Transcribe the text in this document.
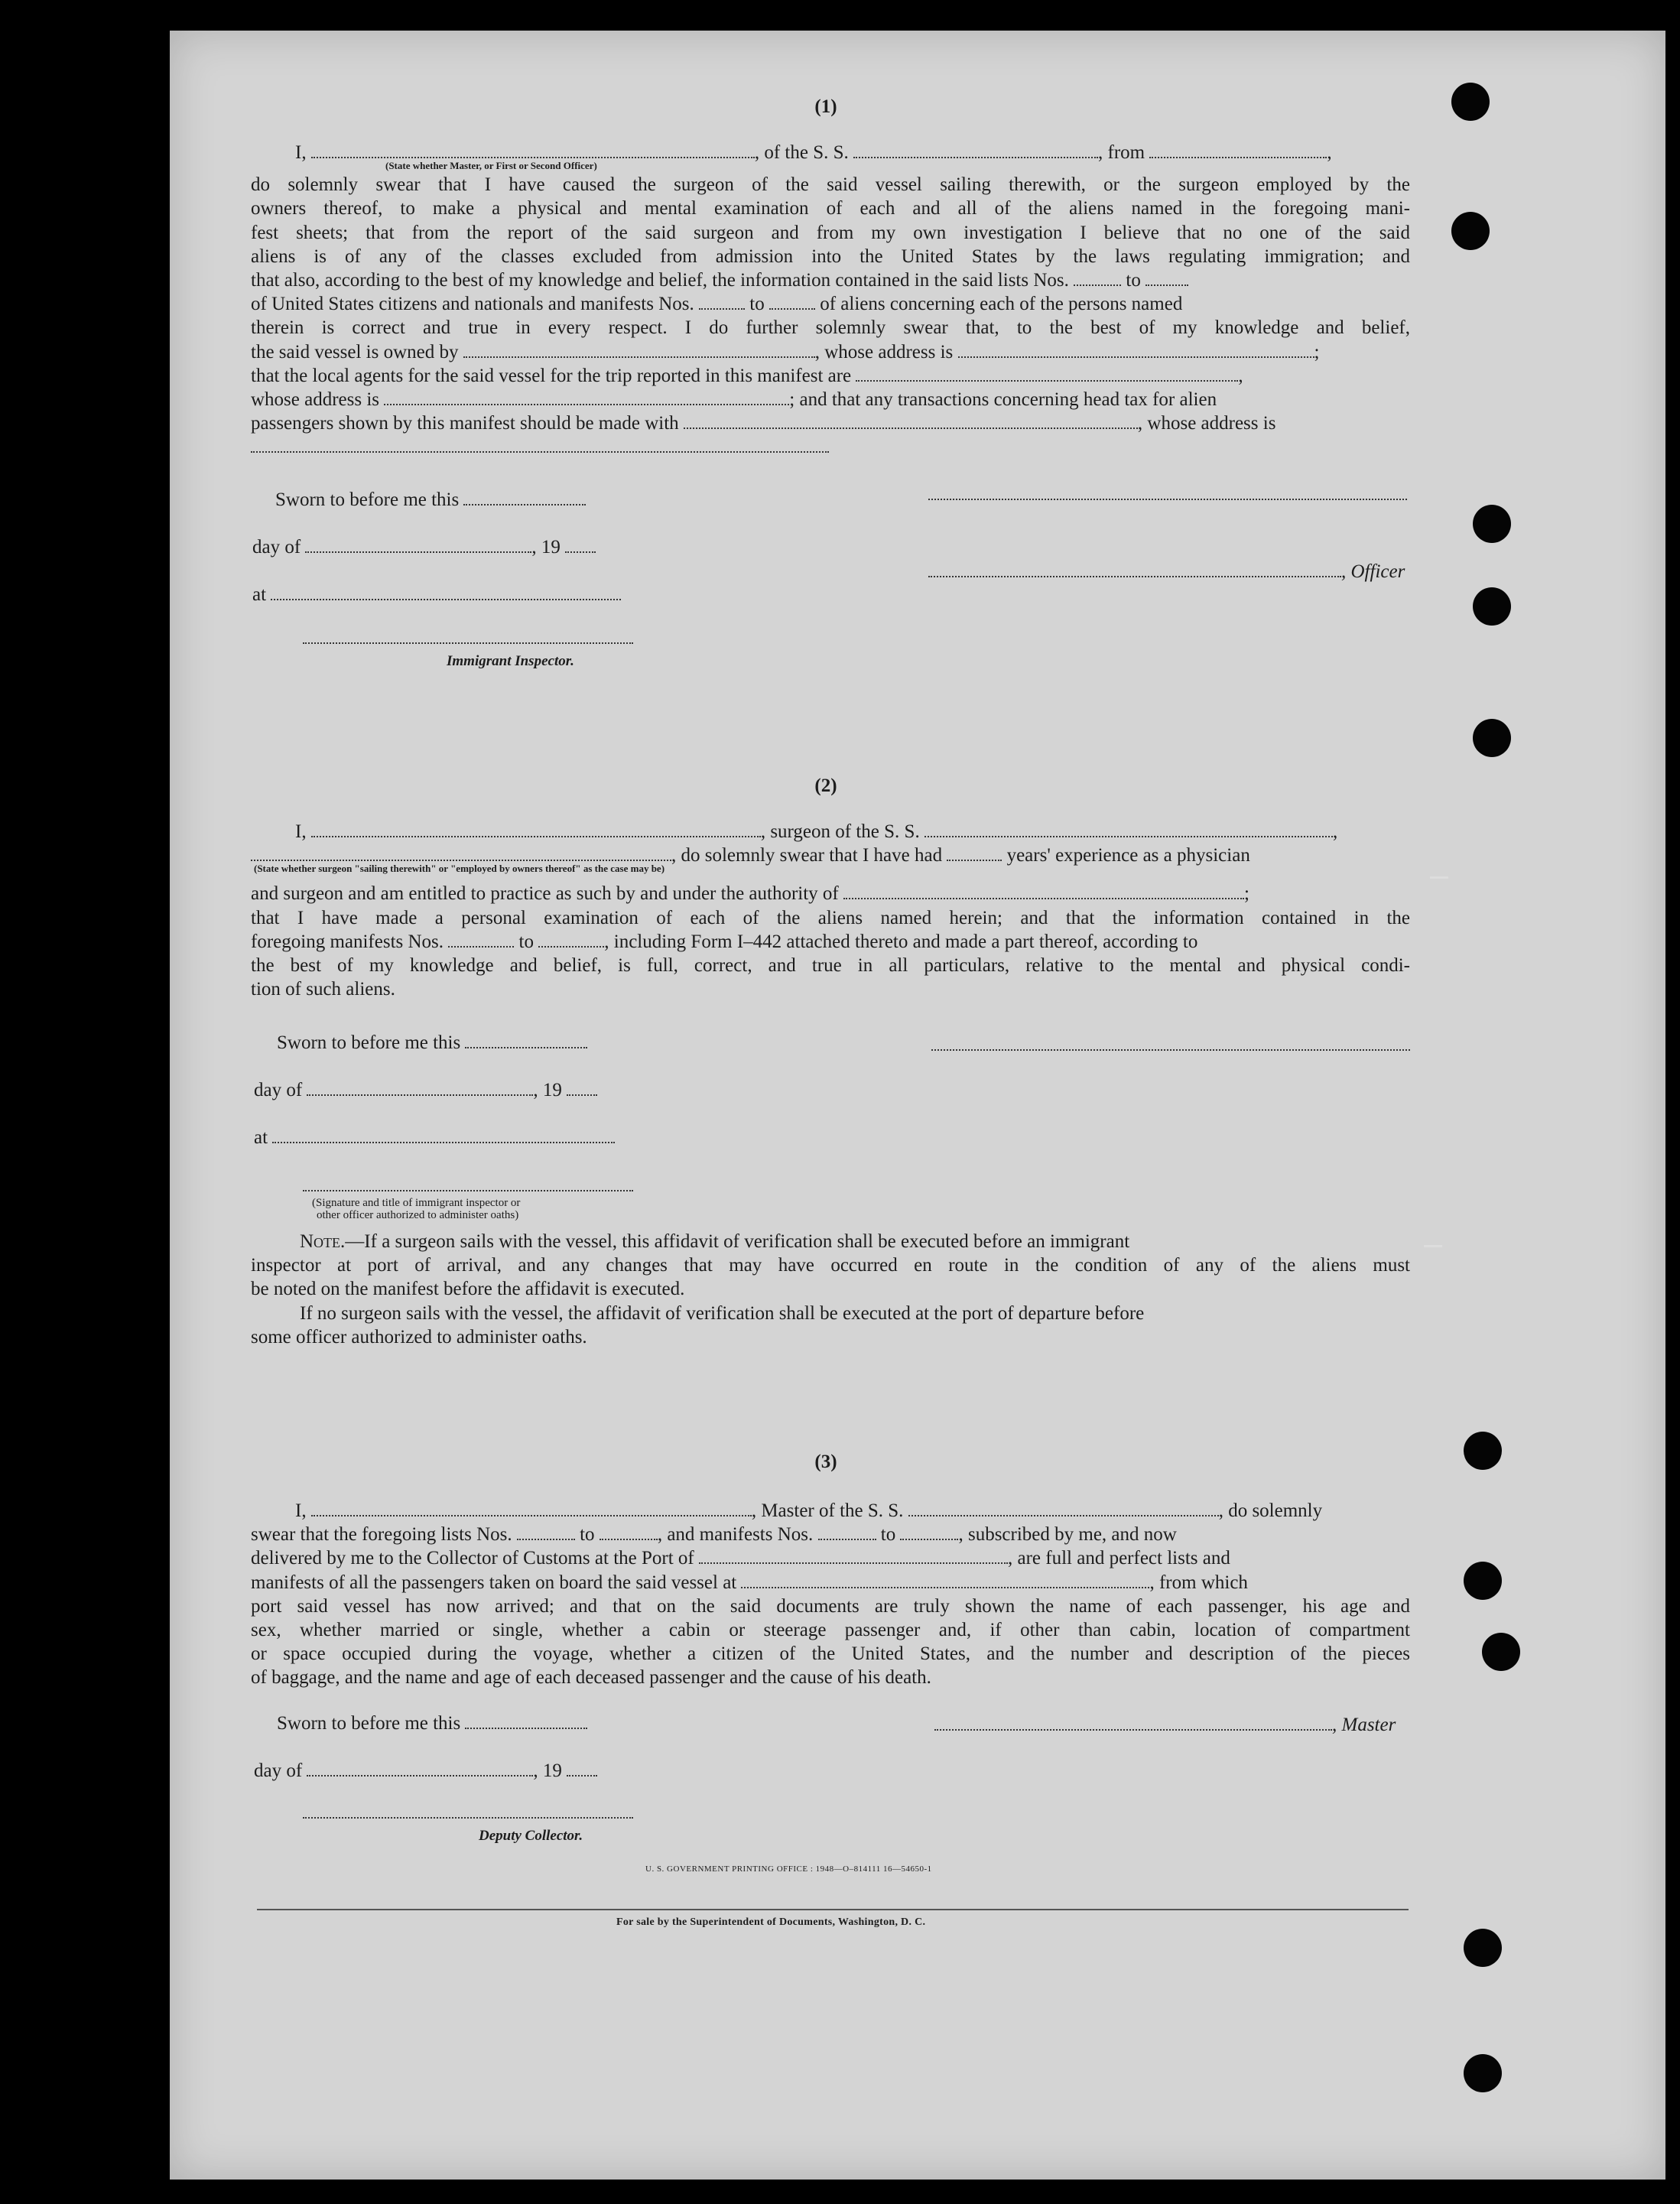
(1)
I,	, of the S. S.	, from	,
(State whether Master, or First or Second Officer)
do solemnly swear that I have caused the surgeon of the said vessel sailing therewith, or the surgeon employed by the
owners thereof, to make a physical and mental examination of each and all of the aliens named in the foregoing mani-
fest sheets; that from the report of the said surgeon and from my own investigation I believe that no one of the said
aliens is of any of the classes excluded from admission into the United States by the laws regulating immigration; and
that also, according to the best of my knowledge and belief, the information contained in the said lists Nos.	to
of United States citizens and nationals and manifests Nos.	to	of aliens concerning each of the persons named
therein is correct and true in every respect. I do further solemnly swear that, to the best of my knowledge and belief,
the said vessel is owned by	, whose address is	;
that the local agents for the said vessel for the trip reported in this manifest are	,
whose address is	; and that any transactions concerning head tax for alien
passengers shown by this manifest should be made with	, whose address is
Sworn to before me this
day of	, 19
at
Immigrant Inspector.
, Officer
(2)
I,	, surgeon of the S. S.	,
, do solemnly swear that I have had	years' experience as a physician
(State whether surgeon "sailing therewith" or "employed by owners thereof" as the case may be)
and surgeon and am entitled to practice as such by and under the authority of	;
that I have made a personal examination of each of the aliens named herein; and that the information contained in the
foregoing manifests Nos.	to	, including Form I–442 attached thereto and made a part thereof, according to
the best of my knowledge and belief, is full, correct, and true in all particulars, relative to the mental and physical condi-
tion of such aliens.
Sworn to before me this
day of	, 19
at
(Signature and title of immigrant inspector or
other officer authorized to administer oaths)
Note.—If a surgeon sails with the vessel, this affidavit of verification shall be executed before an immigrant
inspector at port of arrival, and any changes that may have occurred en route in the condition of any of the aliens must
be noted on the manifest before the affidavit is executed.
If no surgeon sails with the vessel, the affidavit of verification shall be executed at the port of departure before
some officer authorized to administer oaths.
(3)
I,	, Master of the S. S.	, do solemnly
swear that the foregoing lists Nos.	to	, and manifests Nos.	to	, subscribed by me, and now
delivered by me to the Collector of Customs at the Port of	, are full and perfect lists and
manifests of all the passengers taken on board the said vessel at	, from which
port said vessel has now arrived; and that on the said documents are truly shown the name of each passenger, his age and
sex, whether married or single, whether a cabin or steerage passenger and, if other than cabin, location of compartment
or space occupied during the voyage, whether a citizen of the United States, and the number and description of the pieces
of baggage, and the name and age of each deceased passenger and the cause of his death.
Sworn to before me this	, Master
day of	, 19
Deputy Collector.
U. S. GOVERNMENT PRINTING OFFICE : 1948—O–814111 16—54650-1
For sale by the Superintendent of Documents, Washington, D. C.
